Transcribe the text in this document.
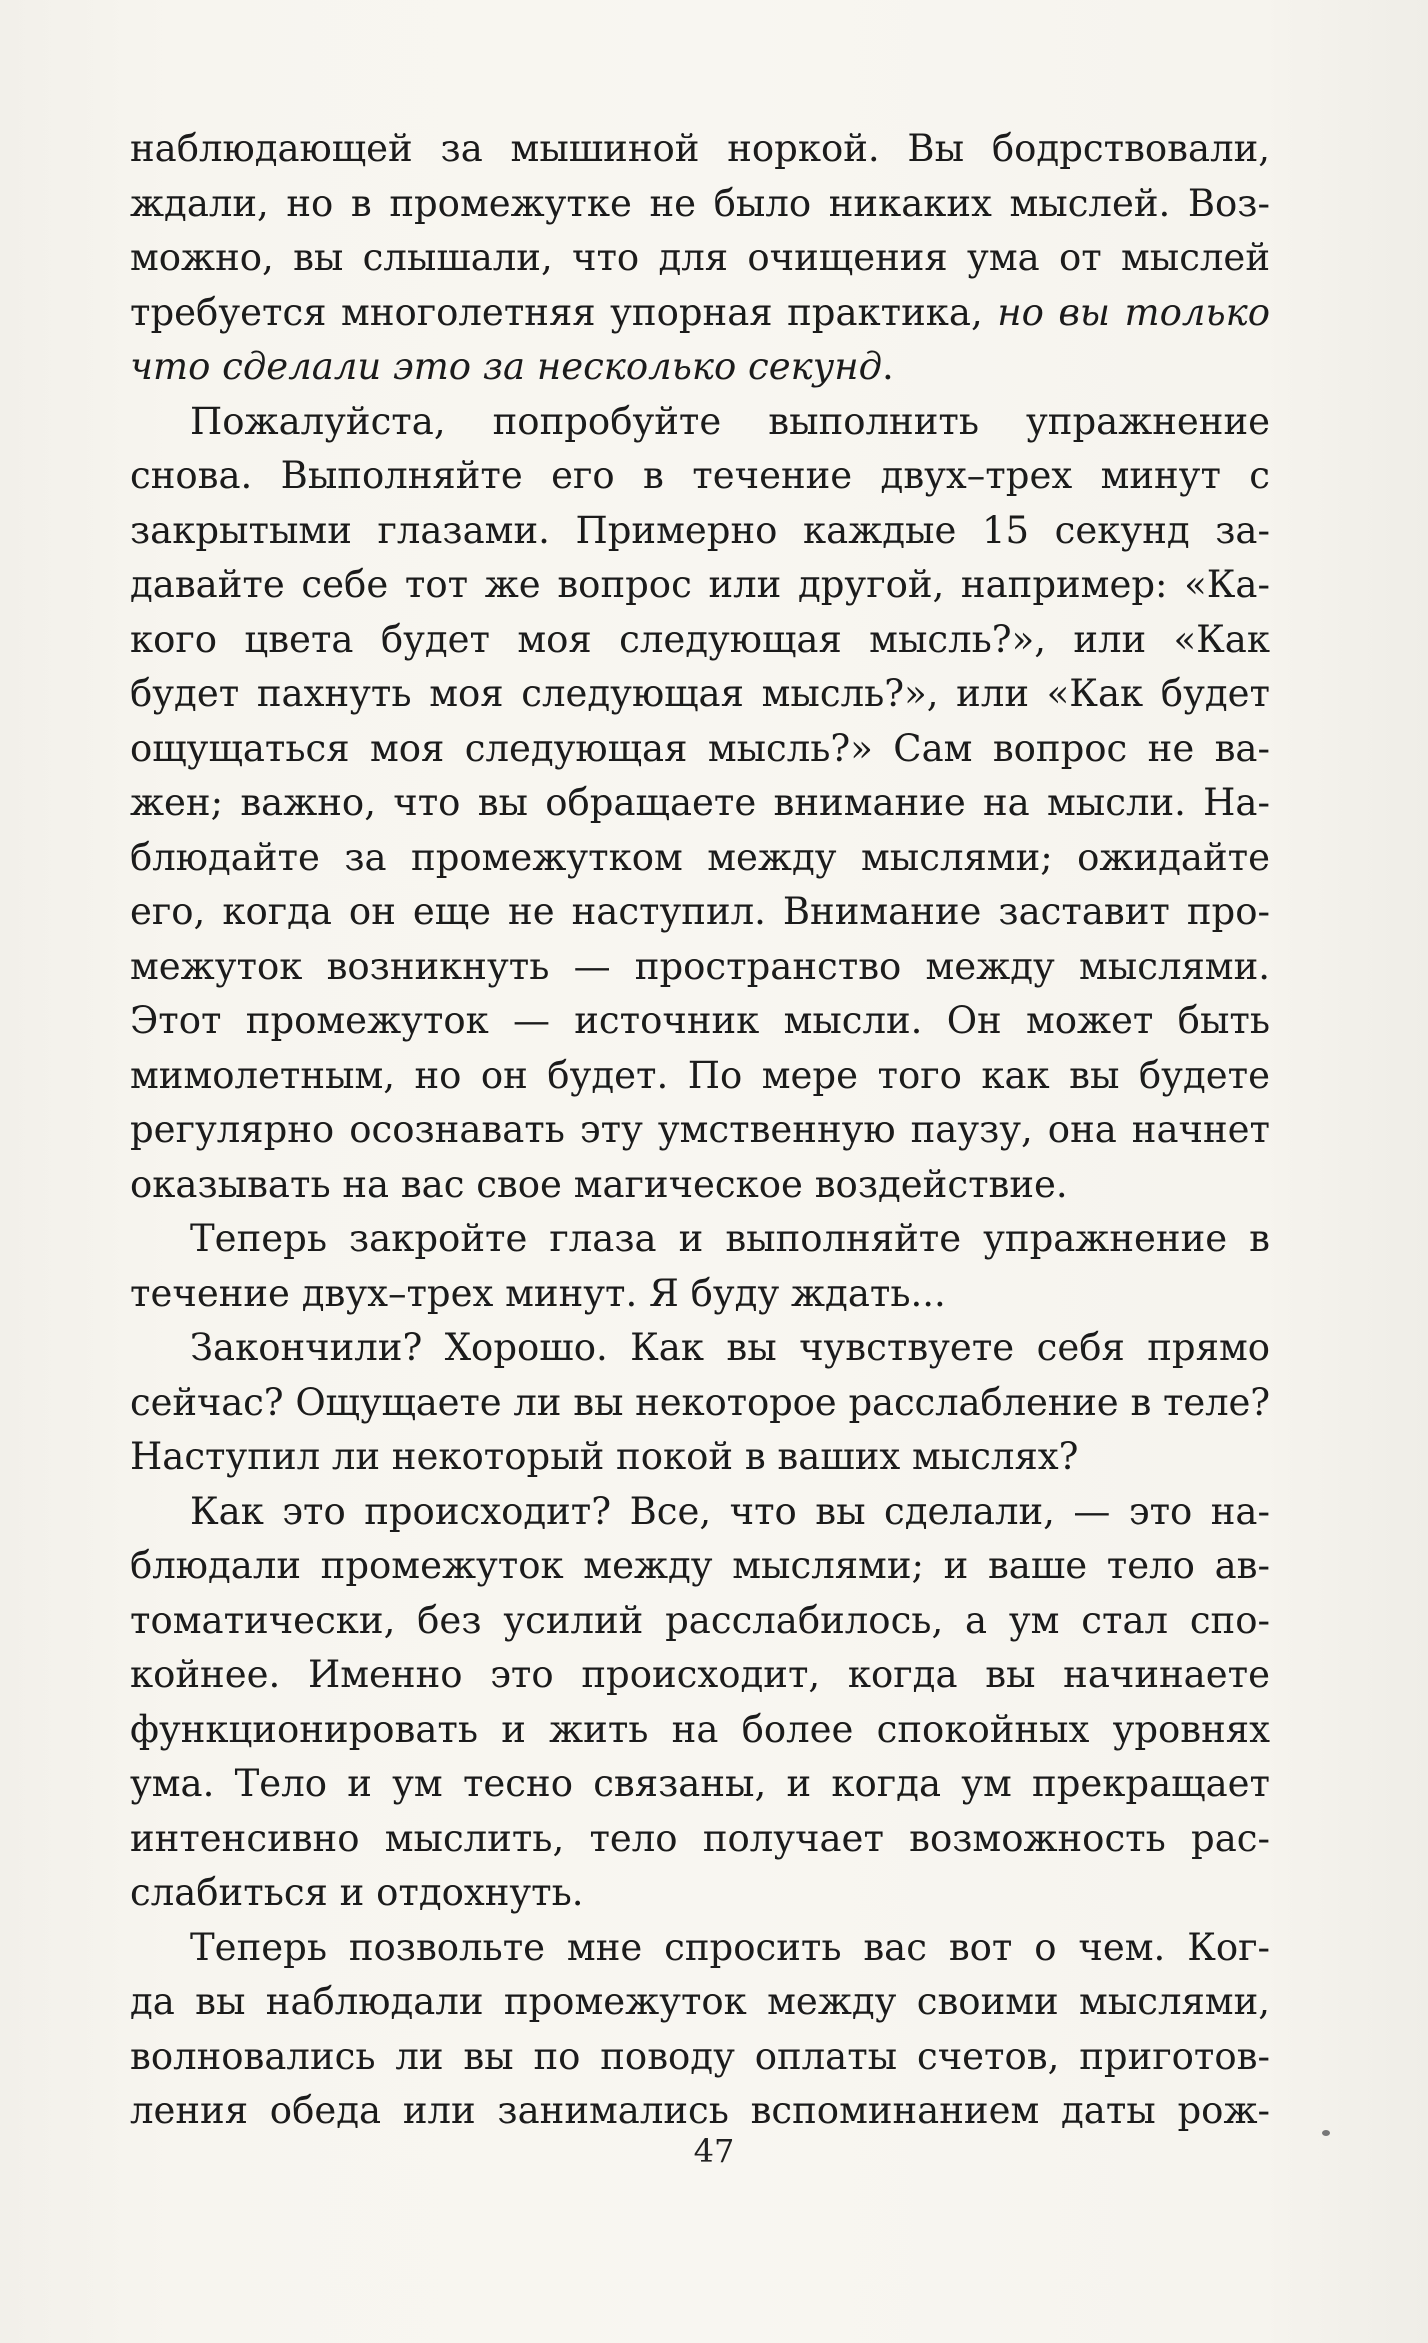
наблюдающей за мышиной норкой. Вы бодрствовали,
ждали, но в промежутке не было никаких мыслей. Воз-
можно, вы слышали, что для очищения ума от мыслей
требуется многолетняя упорная практика, но вы только
что сделали это за несколько секунд.
Пожалуйста, попробуйте выполнить упражнение
снова. Выполняйте его в течение двух–трех минут с
закрытыми глазами. Примерно каждые 15 секунд за-
давайте себе тот же вопрос или другой, например: «Ка-
кого цвета будет моя следующая мысль?», или «Как
будет пахнуть моя следующая мысль?», или «Как будет
ощущаться моя следующая мысль?» Сам вопрос не ва-
жен; важно, что вы обращаете внимание на мысли. На-
блюдайте за промежутком между мыслями; ожидайте
его, когда он еще не наступил. Внимание заставит про-
межуток возникнуть — пространство между мыслями.
Этот промежуток — источник мысли. Он может быть
мимолетным, но он будет. По мере того как вы будете
регулярно осознавать эту умственную паузу, она начнет
оказывать на вас свое магическое воздействие.
Теперь закройте глаза и выполняйте упражнение в
течение двух–трех минут. Я буду ждать...
Закончили? Хорошо. Как вы чувствуете себя прямо
сейчас? Ощущаете ли вы некоторое расслабление в теле?
Наступил ли некоторый покой в ваших мыслях?
Как это происходит? Все, что вы сделали, — это на-
блюдали промежуток между мыслями; и ваше тело ав-
томатически, без усилий расслабилось, а ум стал спо-
койнее. Именно это происходит, когда вы начинаете
функционировать и жить на более спокойных уровнях
ума. Тело и ум тесно связаны, и когда ум прекращает
интенсивно мыслить, тело получает возможность рас-
слабиться и отдохнуть.
Теперь позвольте мне спросить вас вот о чем. Ког-
да вы наблюдали промежуток между своими мыслями,
волновались ли вы по поводу оплаты счетов, приготов-
ления обеда или занимались вспоминанием даты рож-
47
